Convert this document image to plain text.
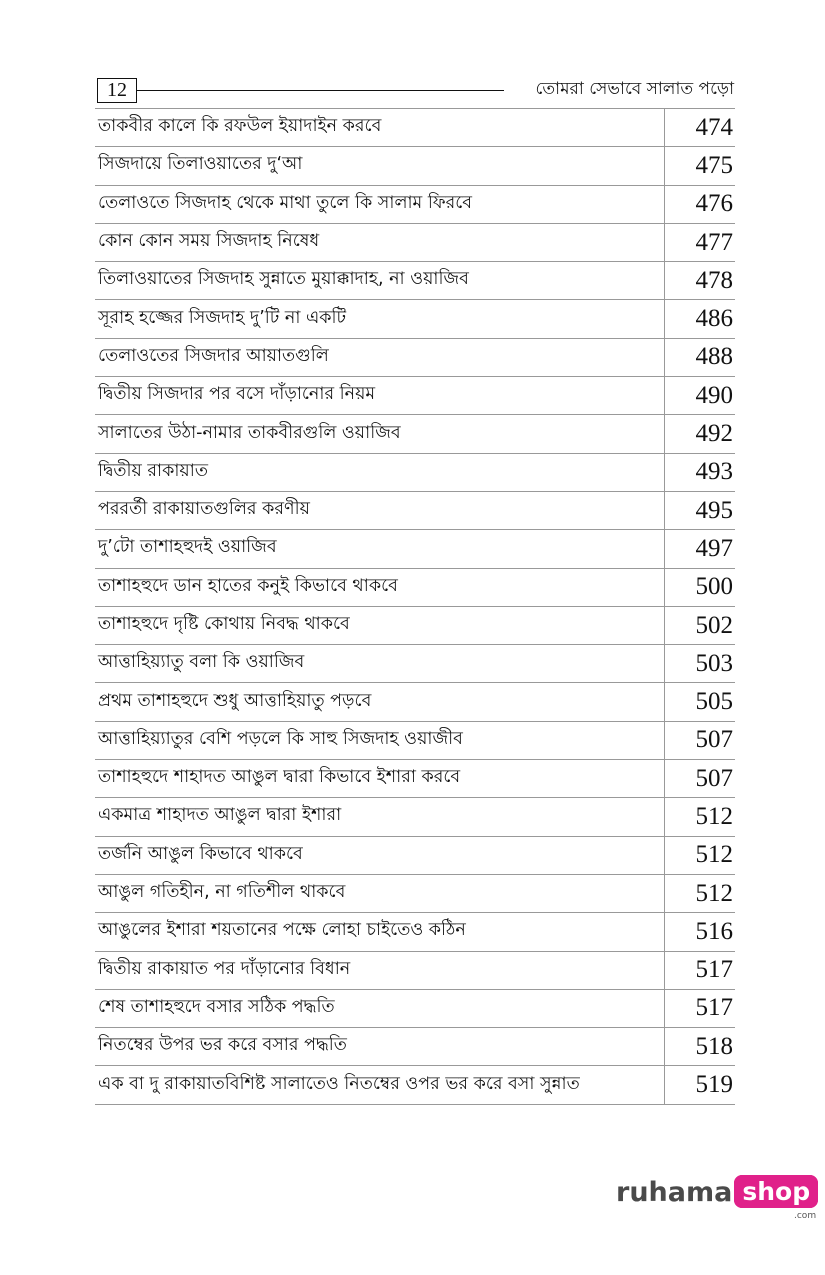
12	তোমরা সেভাবে সালাত পড়ো
তাকবীর কালে কি রফউল ইয়াদাইন করবে	474
সিজদায়ে তিলাওয়াতের দু‘আ	475
তেলাওতে সিজদাহ থেকে মাথা তুলে কি সালাম ফিরবে	476
কোন কোন সময় সিজদাহ নিষেধ	477
তিলাওয়াতের সিজদাহ সুন্নাতে মুয়াক্কাদাহ, না ওয়াজিব	478
সূরাহ হজ্জের সিজদাহ দু’টি না একটি	486
তেলাওতের সিজদার আয়াতগুলি	488
দ্বিতীয় সিজদার পর বসে দাঁড়ানোর নিয়ম	490
সালাতের উঠা-নামার তাকবীরগুলি ওয়াজিব	492
দ্বিতীয় রাকায়াত	493
পররর্তী রাকায়াতগুলির করণীয়	495
দু’টো তাশাহহুদই ওয়াজিব	497
তাশাহহুদে ডান হাতের কনুই কিভাবে থাকবে	500
তাশাহহুদে দৃষ্টি কোথায় নিবদ্ধ থাকবে	502
আত্তাহিয়্যাতু বলা কি ওয়াজিব	503
প্রথম তাশাহহুদে শুধু আত্তাহিয়াতু পড়বে	505
আত্তাহিয়্যাতুর বেশি পড়লে কি সাহু সিজদাহ ওয়াজীব	507
তাশাহহুদে শাহাদত আঙুল দ্বারা কিভাবে ইশারা করবে	507
একমাত্র শাহাদত আঙুল দ্বারা ইশারা	512
তর্জনি আঙুল কিভাবে থাকবে	512
আঙুল গতিহীন, না গতিশীল থাকবে	512
আঙুলের ইশারা শয়তানের পক্ষে লোহা চাইতেও কঠিন	516
দ্বিতীয় রাকায়াত পর দাঁড়ানোর বিধান	517
শেষ তাশাহহুদে বসার সঠিক পদ্ধতি	517
নিতম্বের উপর ভর করে বসার পদ্ধতি	518
এক বা দু রাকায়াতবিশিষ্ট সালাতেও নিতম্বের ওপর ভর করে বসা সুন্নাত	519
ruhama shop
.com
